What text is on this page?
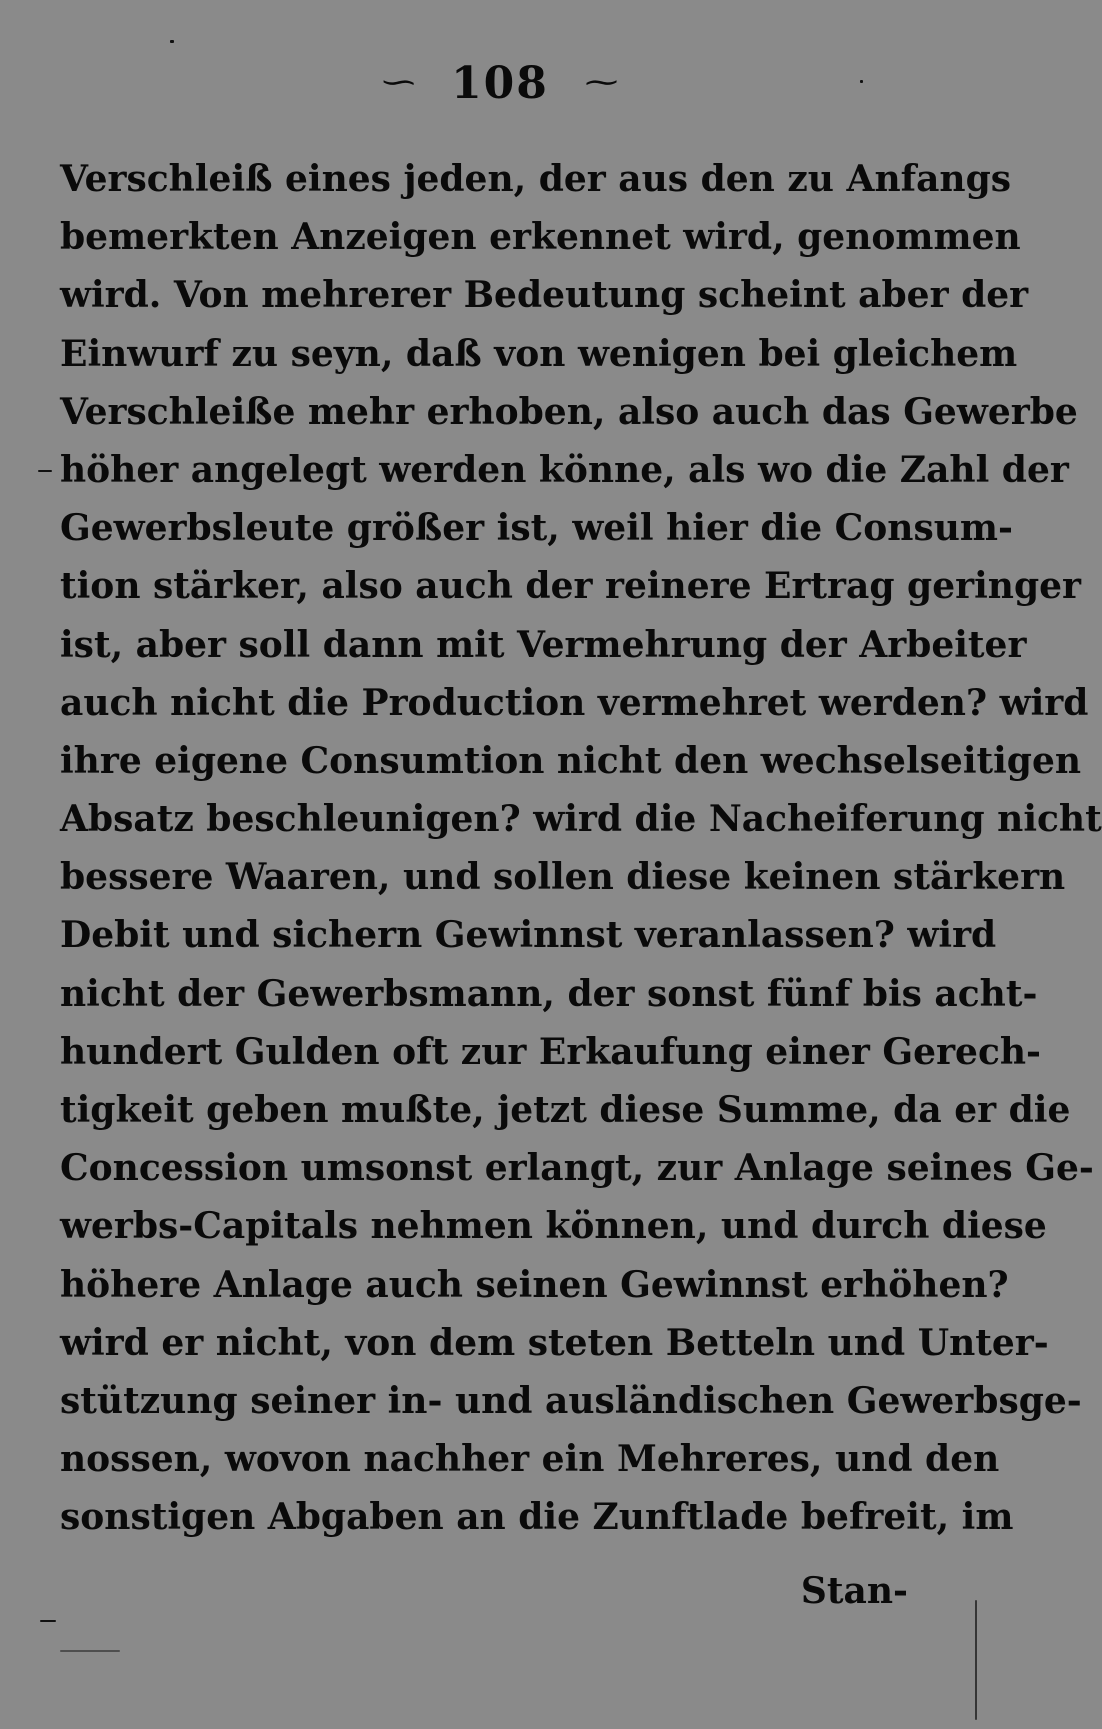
∽ 108 ∽
Verschleiß eines jeden, der aus den zu Anfangs
bemerkten Anzeigen erkennet wird, genommen
wird. Von mehrerer Bedeutung scheint aber der
Einwurf zu seyn, daß von wenigen bei gleichem
Verschleiße mehr erhoben, also auch das Gewerbe
höher angelegt werden könne, als wo die Zahl der
Gewerbsleute größer ist, weil hier die Consum-
tion stärker, also auch der reinere Ertrag geringer
ist, aber soll dann mit Vermehrung der Arbeiter
auch nicht die Production vermehret werden? wird
ihre eigene Consumtion nicht den wechselseitigen
Absatz beschleunigen? wird die Nacheiferung nicht
bessere Waaren, und sollen diese keinen stärkern
Debit und sichern Gewinnst veranlassen? wird
nicht der Gewerbsmann, der sonst fünf bis acht-
hundert Gulden oft zur Erkaufung einer Gerech-
tigkeit geben mußte, jetzt diese Summe, da er die
Concession umsonst erlangt, zur Anlage seines Ge-
werbs-Capitals nehmen können, und durch diese
höhere Anlage auch seinen Gewinnst erhöhen?
wird er nicht, von dem steten Betteln und Unter-
stützung seiner in- und ausländischen Gewerbsge-
nossen, wovon nachher ein Mehreres, und den
sonstigen Abgaben an die Zunftlade befreit, im
Stan-
